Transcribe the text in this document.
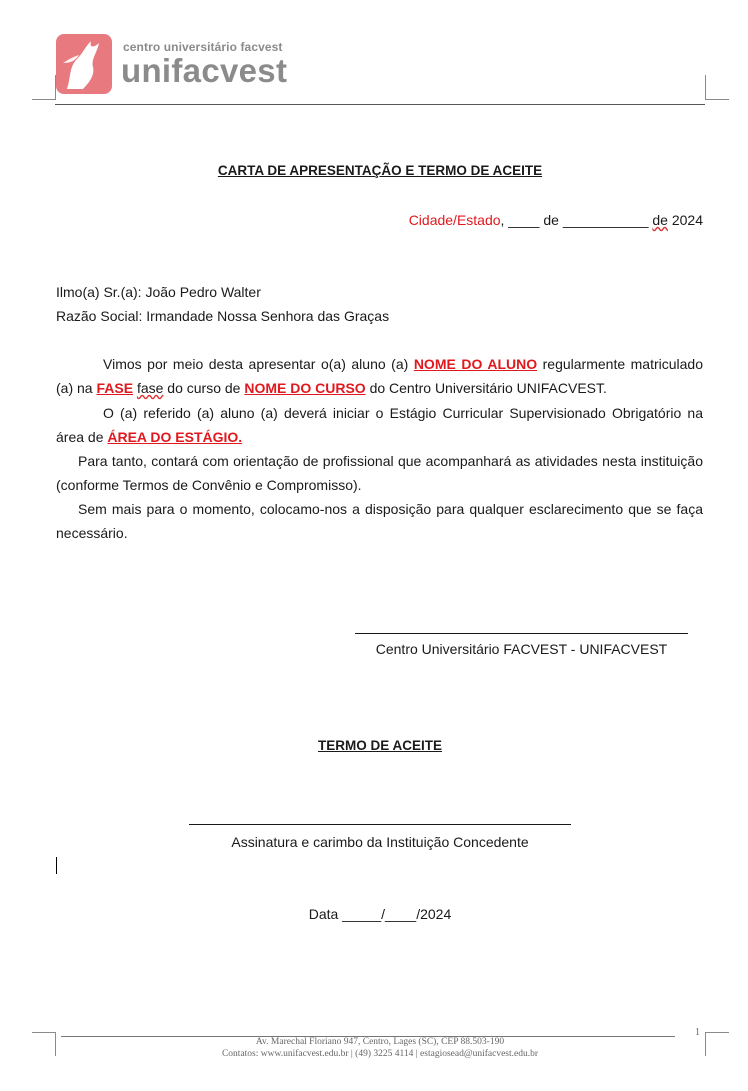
centro universitário facvest
unifacvest
CARTA DE APRESENTAÇÃO E TERMO DE ACEITE
Cidade/Estado, ____ de ___________ de 2024
Ilmo(a) Sr.(a): João Pedro Walter
Razão Social: Irmandade Nossa Senhora das Graças
Vimos por meio desta apresentar o(a) aluno (a) NOME DO ALUNO regularmente matriculado (a) na FASE fase do curso de NOME DO CURSO do Centro Universitário UNIFACVEST.
O (a) referido (a) aluno (a) deverá iniciar o Estágio Curricular Supervisionado Obrigatório na área de ÁREA DO ESTÁGIO.
Para tanto, contará com orientação de profissional que acompanhará as atividades nesta instituição (conforme Termos de Convênio e Compromisso).
Sem mais para o momento, colocamo-nos a disposição para qualquer esclarecimento que se faça necessário.
Centro Universitário FACVEST - UNIFACVEST
TERMO DE ACEITE
Assinatura e carimbo da Instituição Concedente
Data _____/____/2024
1
Av. Marechal Floriano 947, Centro, Lages (SC), CEP 88.503-190
Contatos: www.unifacvest.edu.br | (49) 3225 4114 | estagiosead@unifacvest.edu.br
